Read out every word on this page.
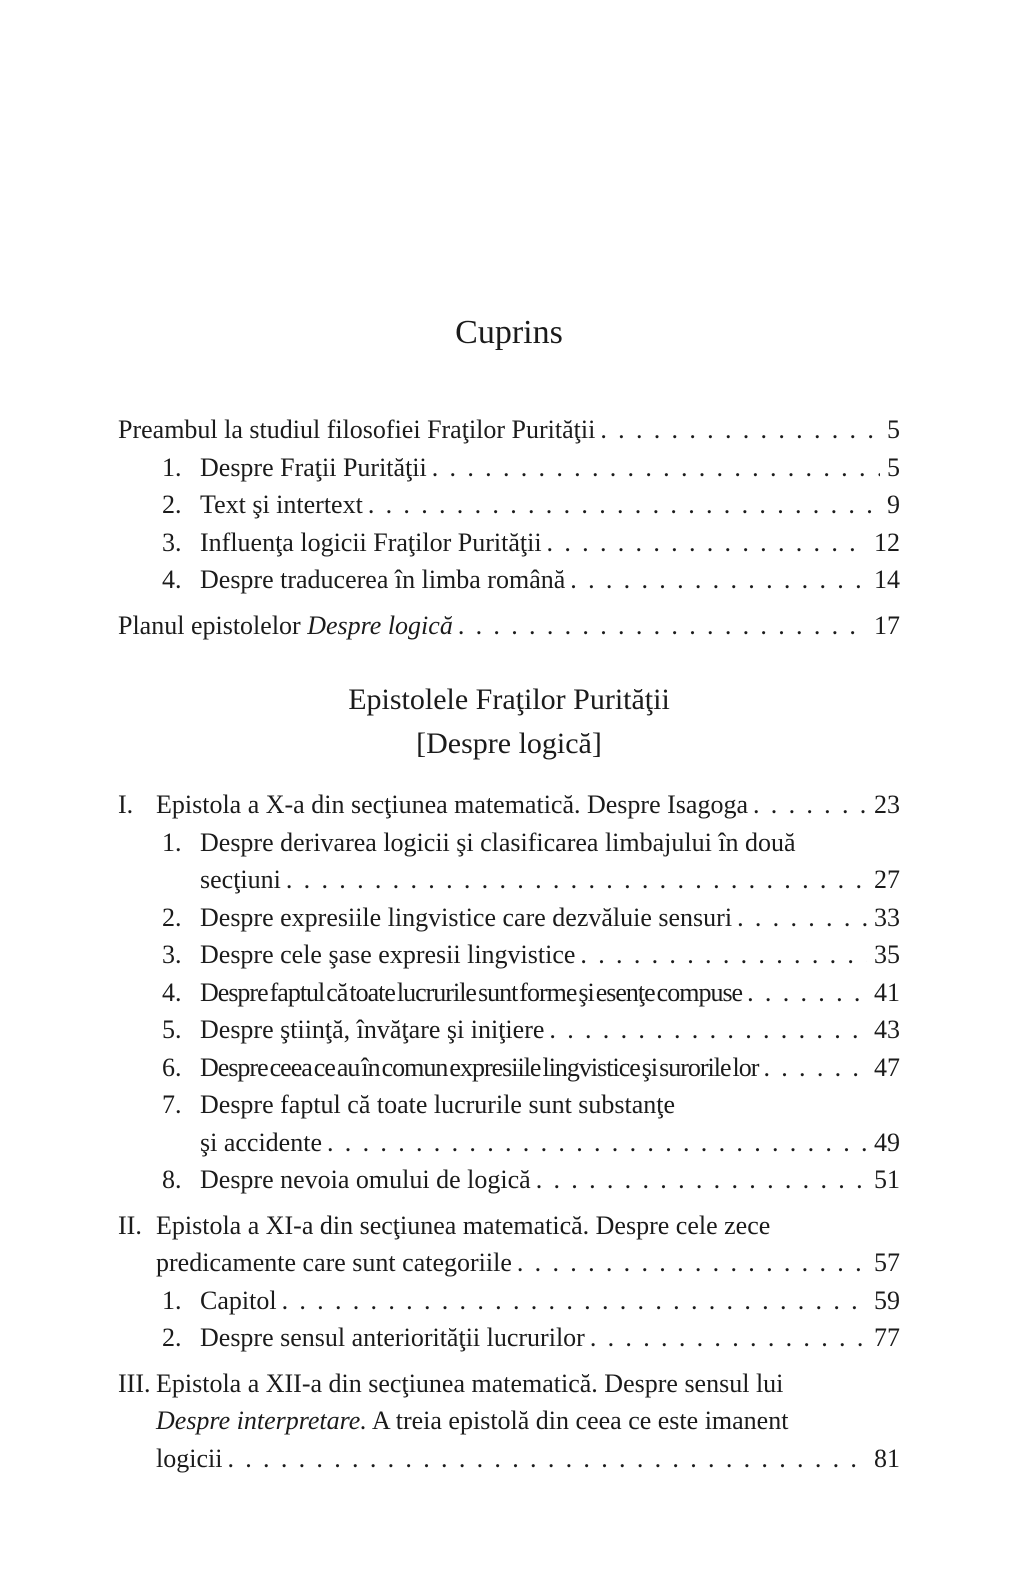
Cuprins
Preambul la studiul filosofiei Fraţilor Purităţii . . .	5
1. Despre Fraţii Purităţii . . .	5
2. Text şi intertext . . .	9
3. Influenţa logicii Fraţilor Purităţii . . .	12
4. Despre traducerea în limba română . . .	14
Planul epistolelor Despre logică . . .	17
Epistolele Fraţilor Purităţii
[Despre logică]
I. Epistola a X-a din secţiunea matematică. Despre Isagoga . . .	23
1. Despre derivarea logicii şi clasificarea limbajului în două
secţiuni . . .	27
2. Despre expresiile lingvistice care dezvăluie sensuri . . .	33
3. Despre cele şase expresii lingvistice . . .	35
4. Despre faptul că toate lucrurile sunt forme şi esenţe compuse . . .	41
5. Despre ştiinţă, învăţare şi iniţiere . . .	43
6. Despre ceea ce au în comun expresiile lingvistice şi surorile lor . . .	47
7. Despre faptul că toate lucrurile sunt substanţe
şi accidente . . .	49
8. Despre nevoia omului de logică . . .	51
II. Epistola a XI-a din secţiunea matematică. Despre cele zece
predicamente care sunt categoriile . . .	57
1. Capitol . . .	59
2. Despre sensul anteriorităţii lucrurilor . . .	77
III. Epistola a XII-a din secţiunea matematică. Despre sensul lui
Despre interpretare. A treia epistolă din ceea ce este imanent
logicii . . .	81
